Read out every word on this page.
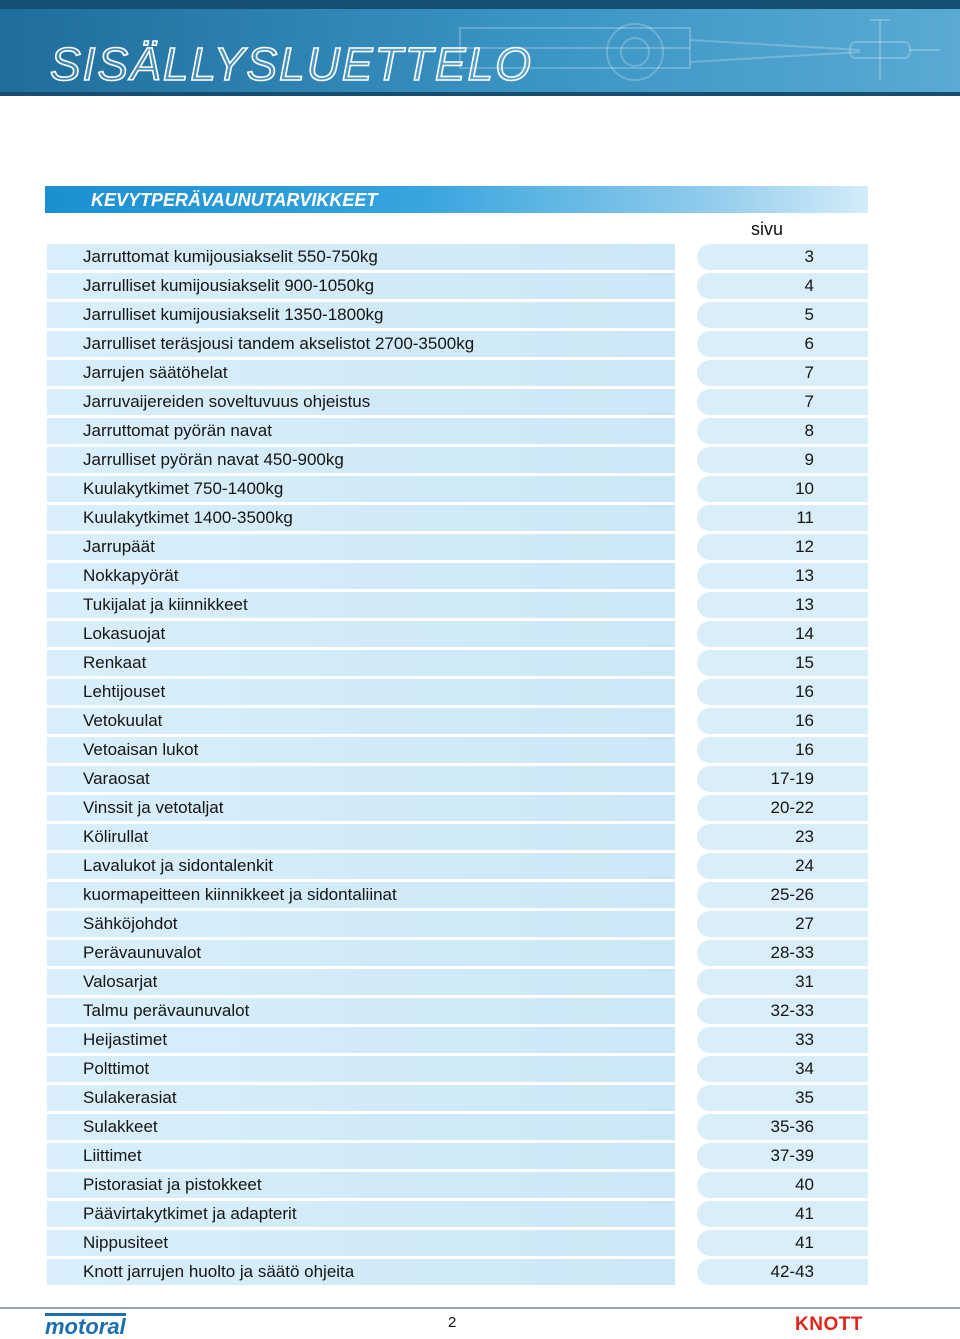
SISÄLLYSLUETTELO
KEVYTPERÄVAUNUTARVIKKEET
sivu
Jarruttomat kumijousiakselit 550-750kg	3
Jarrulliset kumijousiakselit 900-1050kg	4
Jarrulliset kumijousiakselit 1350-1800kg	5
Jarrulliset teräsjousi tandem akselistot 2700-3500kg	6
Jarrujen säätöhelat	7
Jarruvaijereiden soveltuvuus ohjeistus	7
Jarruttomat pyörän navat	8
Jarrulliset pyörän navat 450-900kg	9
Kuulakytkimet 750-1400kg	10
Kuulakytkimet 1400-3500kg	11
Jarrupäät	12
Nokkapyörät	13
Tukijalat ja kiinnikkeet	13
Lokasuojat	14
Renkaat	15
Lehtijouset	16
Vetokuulat	16
Vetoaisan lukot	16
Varaosat	17-19
Vinssit ja vetotaljat	20-22
Kölirullat	23
Lavalukot ja sidontalenkit	24
kuormapeitteen kiinnikkeet ja sidontaliinat	25-26
Sähköjohdot	27
Perävaunuvalot	28-33
Valosarjat	31
Talmu perävaunuvalot	32-33
Heijastimet	33
Polttimot	34
Sulakerasiat	35
Sulakkeet	35-36
Liittimet	37-39
Pistorasiat ja pistokkeet	40
Päävirtakytkimet ja adapterit	41
Nippusiteet	41
Knott jarrujen huolto ja säätö ohjeita	42-43
motoral	2	KNOTT
